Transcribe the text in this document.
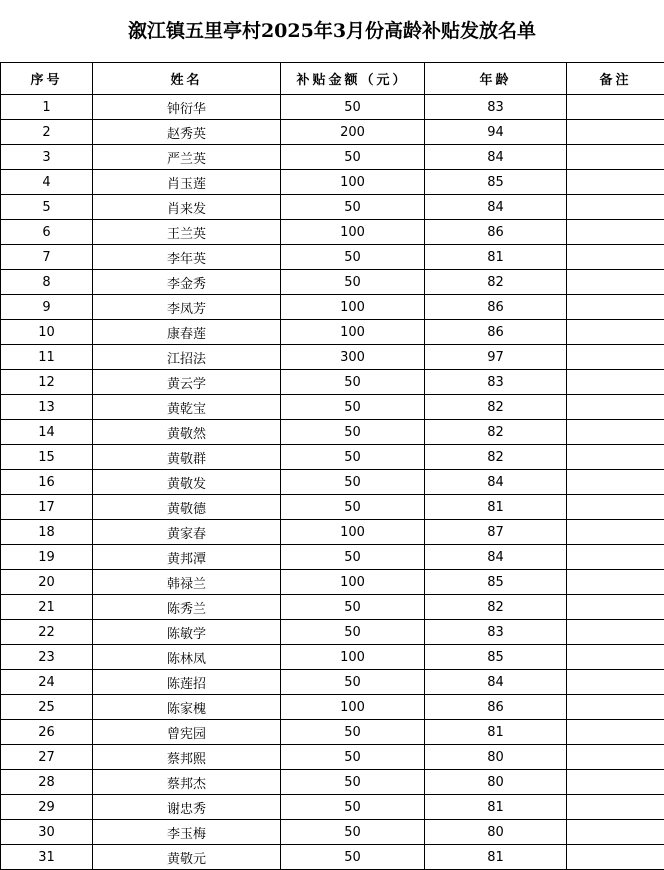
溆江镇五里亭村2025年3月份高龄补贴发放名单
序号	姓名	补贴金额（元）	年龄	备注
1	钟衍华	50	83	
2	赵秀英	200	94	
3	严兰英	50	84	
4	肖玉莲	100	85	
5	肖来发	50	84	
6	王兰英	100	86	
7	李年英	50	81	
8	李金秀	50	82	
9	李凤芳	100	86	
10	康春莲	100	86	
11	江招法	300	97	
12	黄云学	50	83	
13	黄乾宝	50	82	
14	黄敬然	50	82	
15	黄敬群	50	82	
16	黄敬发	50	84	
17	黄敬德	50	81	
18	黄家春	100	87	
19	黄邦潭	50	84	
20	韩禄兰	100	85	
21	陈秀兰	50	82	
22	陈敏学	50	83	
23	陈林凤	100	85	
24	陈莲招	50	84	
25	陈家槐	100	86	
26	曾宪园	50	81	
27	蔡邦熙	50	80	
28	蔡邦杰	50	80	
29	谢忠秀	50	81	
30	李玉梅	50	80	
31	黄敬元	50	81	
